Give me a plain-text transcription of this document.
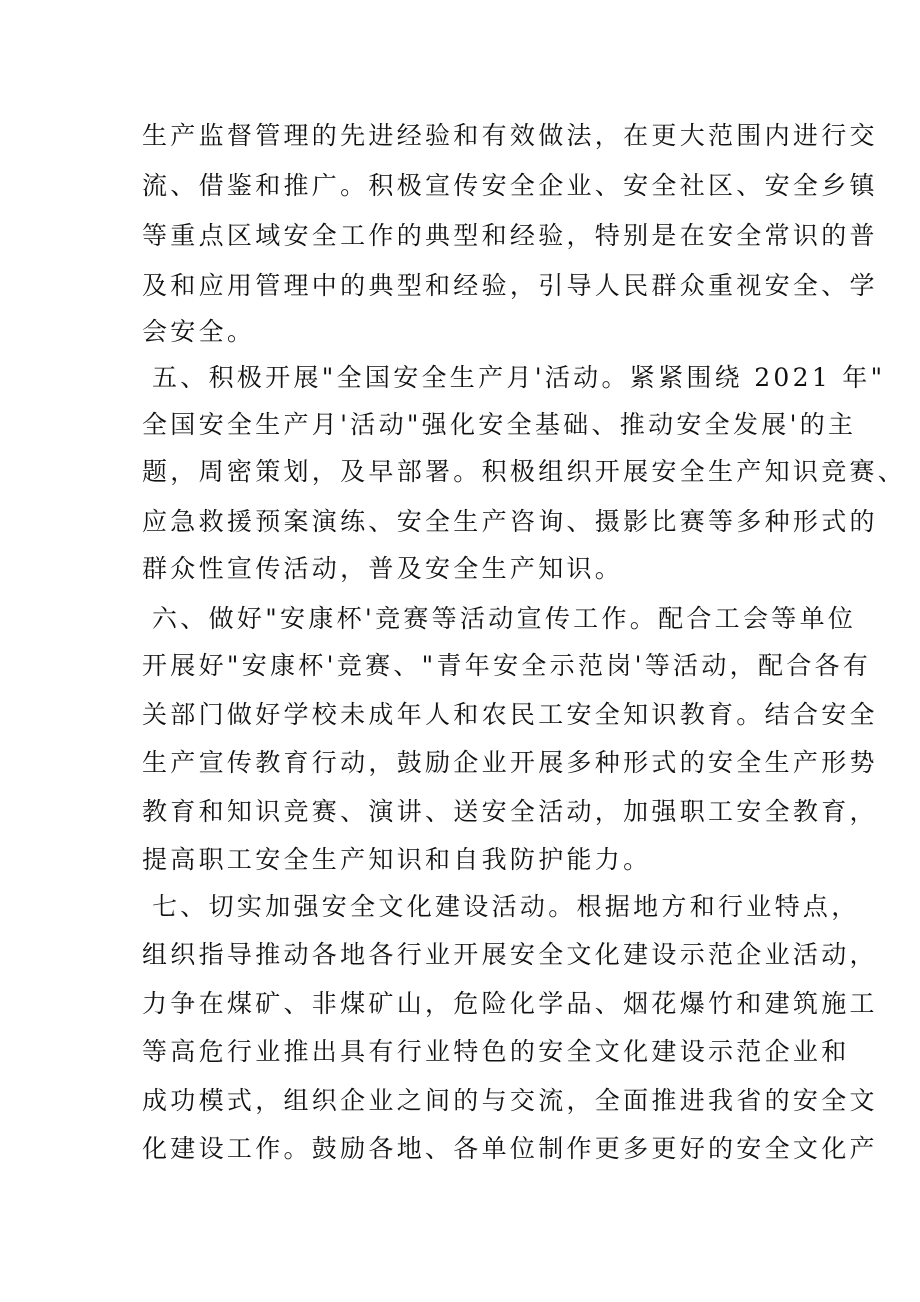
生产监督管理的先进经验和有效做法，在更大范围内进行交
流、借鉴和推广。积极宣传安全企业、安全社区、安全乡镇
等重点区域安全工作的典型和经验，特别是在安全常识的普
及和应用管理中的典型和经验，引导人民群众重视安全、学
会安全。
五、积极开展"全国安全生产月'活动。紧紧围绕 2021 年"
全国安全生产月'活动"强化安全基础、推动安全发展'的主
题，周密策划，及早部署。积极组织开展安全生产知识竞赛、
应急救援预案演练、安全生产咨询、摄影比赛等多种形式的
群众性宣传活动，普及安全生产知识。
六、做好"安康杯'竞赛等活动宣传工作。配合工会等单位
开展好"安康杯'竞赛、"青年安全示范岗'等活动，配合各有
关部门做好学校未成年人和农民工安全知识教育。结合安全
生产宣传教育行动，鼓励企业开展多种形式的安全生产形势
教育和知识竞赛、演讲、送安全活动，加强职工安全教育，
提高职工安全生产知识和自我防护能力。
七、切实加强安全文化建设活动。根据地方和行业特点，
组织指导推动各地各行业开展安全文化建设示范企业活动，
力争在煤矿、非煤矿山，危险化学品、烟花爆竹和建筑施工
等高危行业推出具有行业特色的安全文化建设示范企业和
成功模式，组织企业之间的与交流，全面推进我省的安全文
化建设工作。鼓励各地、各单位制作更多更好的安全文化产
